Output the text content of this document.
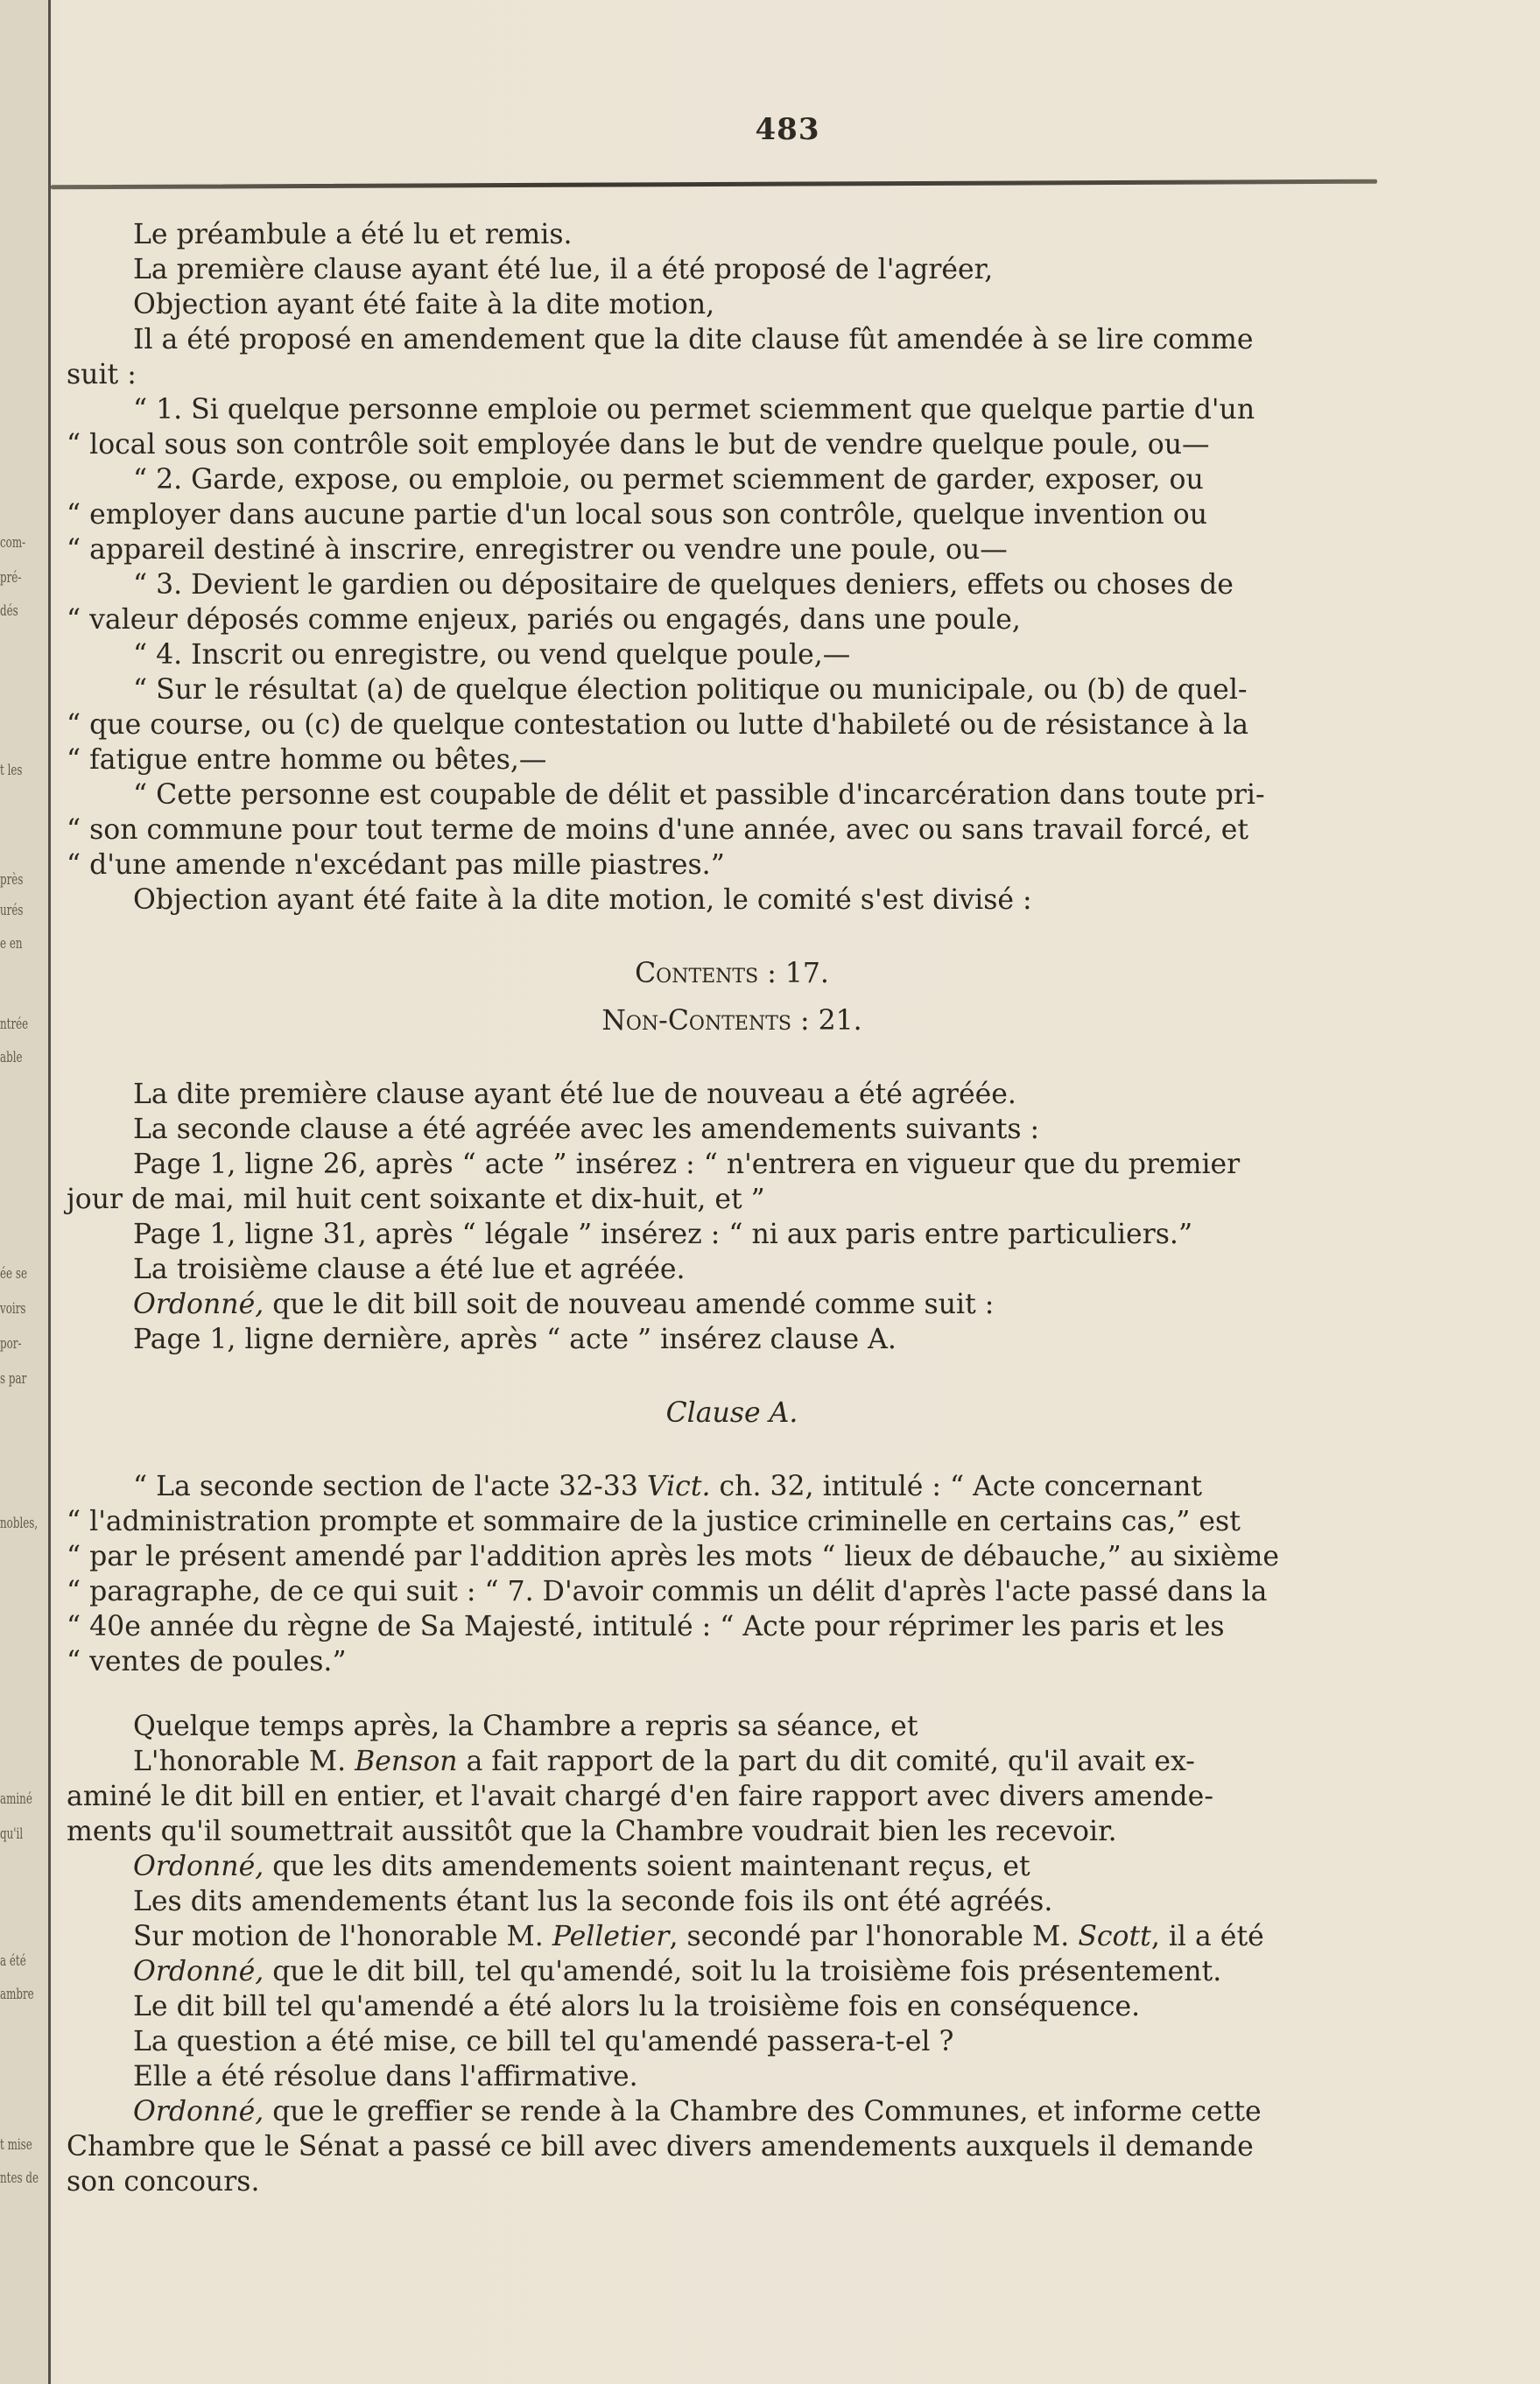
com-
pré-
dés
t les
près
urés
e en
ntrée
able
ée se
voirs
por-
s par
nobles,
aminé
qu'il
a été
ambre
t mise
ntes de
483

Le préambule a été lu et remis.

La première clause ayant été lue, il a été proposé de l'agréer,

Objection ayant été faite à la dite motion,

Il a été proposé en amendement que la dite clause fût amendée à se lire comme

suit :

“ 1. Si quelque personne emploie ou permet sciemment que quelque partie d'un

“ local sous son contrôle soit employée dans le but de vendre quelque poule, ou—

“ 2. Garde, expose, ou emploie, ou permet sciemment de garder, exposer, ou

“ employer dans aucune partie d'un local sous son contrôle, quelque invention ou

“ appareil destiné à inscrire, enregistrer ou vendre une poule, ou—

“ 3. Devient le gardien ou dépositaire de quelques deniers, effets ou choses de

“ valeur déposés comme enjeux, pariés ou engagés, dans une poule,

“ 4. Inscrit ou enregistre, ou vend quelque poule,—

“ Sur le résultat (a) de quelque élection politique ou municipale, ou (b) de quel-

“ que course, ou (c) de quelque contestation ou lutte d'habileté ou de résistance à la

“ fatigue entre homme ou bêtes,—

“ Cette personne est coupable de délit et passible d'incarcération dans toute pri-

“ son commune pour tout terme de moins d'une année, avec ou sans travail forcé, et

“ d'une amende n'excédant pas mille piastres.”

Objection ayant été faite à la dite motion, le comité s'est divisé :

Contents : 17.

Non-Contents : 21.

La dite première clause ayant été lue de nouveau a été agréée.

La seconde clause a été agréée avec les amendements suivants :

Page 1, ligne 26, après “ acte ” insérez : “ n'entrera en vigueur que du premier

jour de mai, mil huit cent soixante et dix-huit, et ”

Page 1, ligne 31, après “ légale ” insérez : “ ni aux paris entre particuliers.”

La troisième clause a été lue et agréée.

Ordonné, que le dit bill soit de nouveau amendé comme suit :

Page 1, ligne dernière, après “ acte ” insérez clause A.

Clause A.

“ La seconde section de l'acte 32-33 Vict. ch. 32, intitulé : “ Acte concernant

“ l'administration prompte et sommaire de la justice criminelle en certains cas,” est

“ par le présent amendé par l'addition après les mots “ lieux de débauche,” au sixième

“ paragraphe, de ce qui suit : “ 7. D'avoir commis un délit d'après l'acte passé dans la

“ 40e année du règne de Sa Majesté, intitulé : “ Acte pour réprimer les paris et les

“ ventes de poules.”

Quelque temps après, la Chambre a repris sa séance, et

L'honorable M. Benson a fait rapport de la part du dit comité, qu'il avait ex-

aminé le dit bill en entier, et l'avait chargé d'en faire rapport avec divers amende-

ments qu'il soumettrait aussitôt que la Chambre voudrait bien les recevoir.

Ordonné, que les dits amendements soient maintenant reçus, et

Les dits amendements étant lus la seconde fois ils ont été agréés.

Sur motion de l'honorable M. Pelletier, secondé par l'honorable M. Scott, il a été

Ordonné, que le dit bill, tel qu'amendé, soit lu la troisième fois présentement.

Le dit bill tel qu'amendé a été alors lu la troisième fois en conséquence.

La question a été mise, ce bill tel qu'amendé passera-t-el ?

Elle a été résolue dans l'affirmative.

Ordonné, que le greffier se rende à la Chambre des Communes, et informe cette

Chambre que le Sénat a passé ce bill avec divers amendements auxquels il demande

son concours.
